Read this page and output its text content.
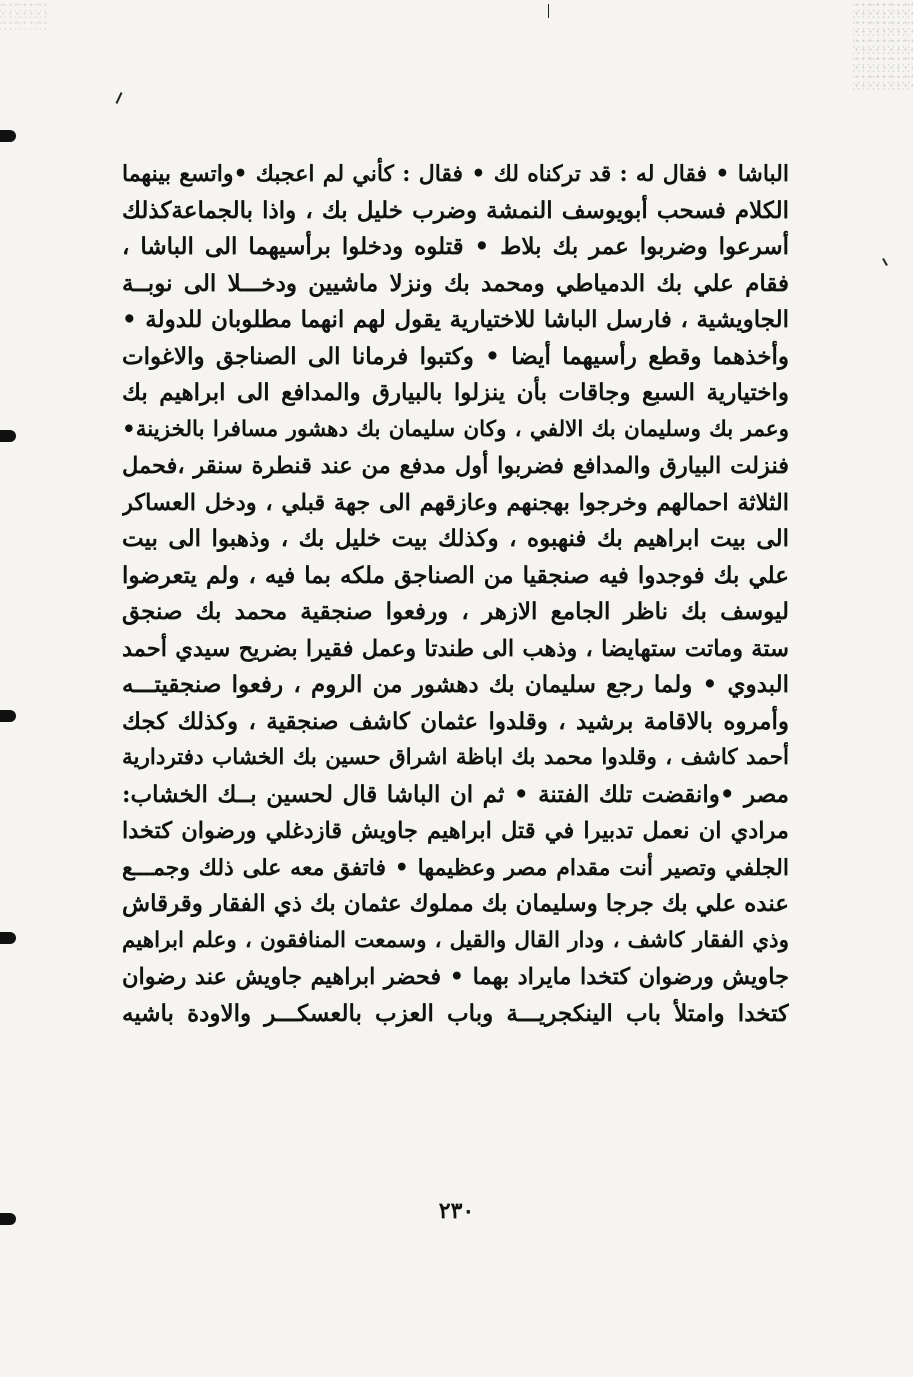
الباشا • فقال له : قد تركناه لك • فقال : كأني لم اعجبك •واتسع بينهما
الكلام فسحب أبويوسف النمشة وضرب خليل بك ، واذا بالجماعةكذلك
أسرعوا وضربوا عمر بك بلاط • قتلوه ودخلوا برأسيهما الى الباشا ،
فقام علي بك الدمياطي ومحمد بك ونزلا ماشيين ودخـــلا الى نوبــة
الجاويشية ، فارسل الباشا للاختيارية يقول لهم انهما مطلوبان للدولة •
وأخذهما وقطع رأسيهما أيضا • وكتبوا فرمانا الى الصناجق والاغوات
واختيارية السبع وجاقات بأن ينزلوا بالبيارق والمدافع الى ابراهيم بك
وعمر بك وسليمان بك الالفي ، وكان سليمان بك دهشور مسافرا بالخزينة•
فنزلت البيارق والمدافع فضربوا أول مدفع من عند قنطرة سنقر ،فحمل
الثلاثة احمالهم وخرجوا بهجنهم وعازقهم الى جهة قبلي ، ودخل العساكر
الى بيت ابراهيم بك فنهبوه ، وكذلك بيت خليل بك ، وذهبوا الى بيت
علي بك فوجدوا فيه صنجقيا من الصناجق ملكه بما فيه ، ولم يتعرضوا
ليوسف بك ناظر الجامع الازهر ، ورفعوا صنجقية محمد بك صنجق
ستة وماتت ستهايضا ، وذهب الى طندتا وعمل فقيرا بضريح سيدي أحمد
البدوي • ولما رجع سليمان بك دهشور من الروم ، رفعوا صنجقيتـــه
وأمروه بالاقامة برشيد ، وقلدوا عثمان كاشف صنجقية ، وكذلك كجك
أحمد كاشف ، وقلدوا محمد بك اباظة اشراق حسين بك الخشاب دفتردارية
مصر •وانقضت تلك الفتنة • ثم ان الباشا قال لحسين بــك الخشاب:
مرادي ان نعمل تدبيرا في قتل ابراهيم جاويش قازدغلي ورضوان كتخدا
الجلفي وتصير أنت مقدام مصر وعظيمها • فاتفق معه على ذلك وجمـــع
عنده علي بك جرجا وسليمان بك مملوك عثمان بك ذي الفقار وقرقاش
وذي الفقار كاشف ، ودار القال والقيل ، وسمعت المنافقون ، وعلم ابراهيم
جاويش ورضوان كتخدا مايراد بهما • فحضر ابراهيم جاويش عند رضوان
كتخدا وامتلأ باب الينكجريـــة وباب العزب بالعسكـــر والاودة باشيه
٢٣٠
